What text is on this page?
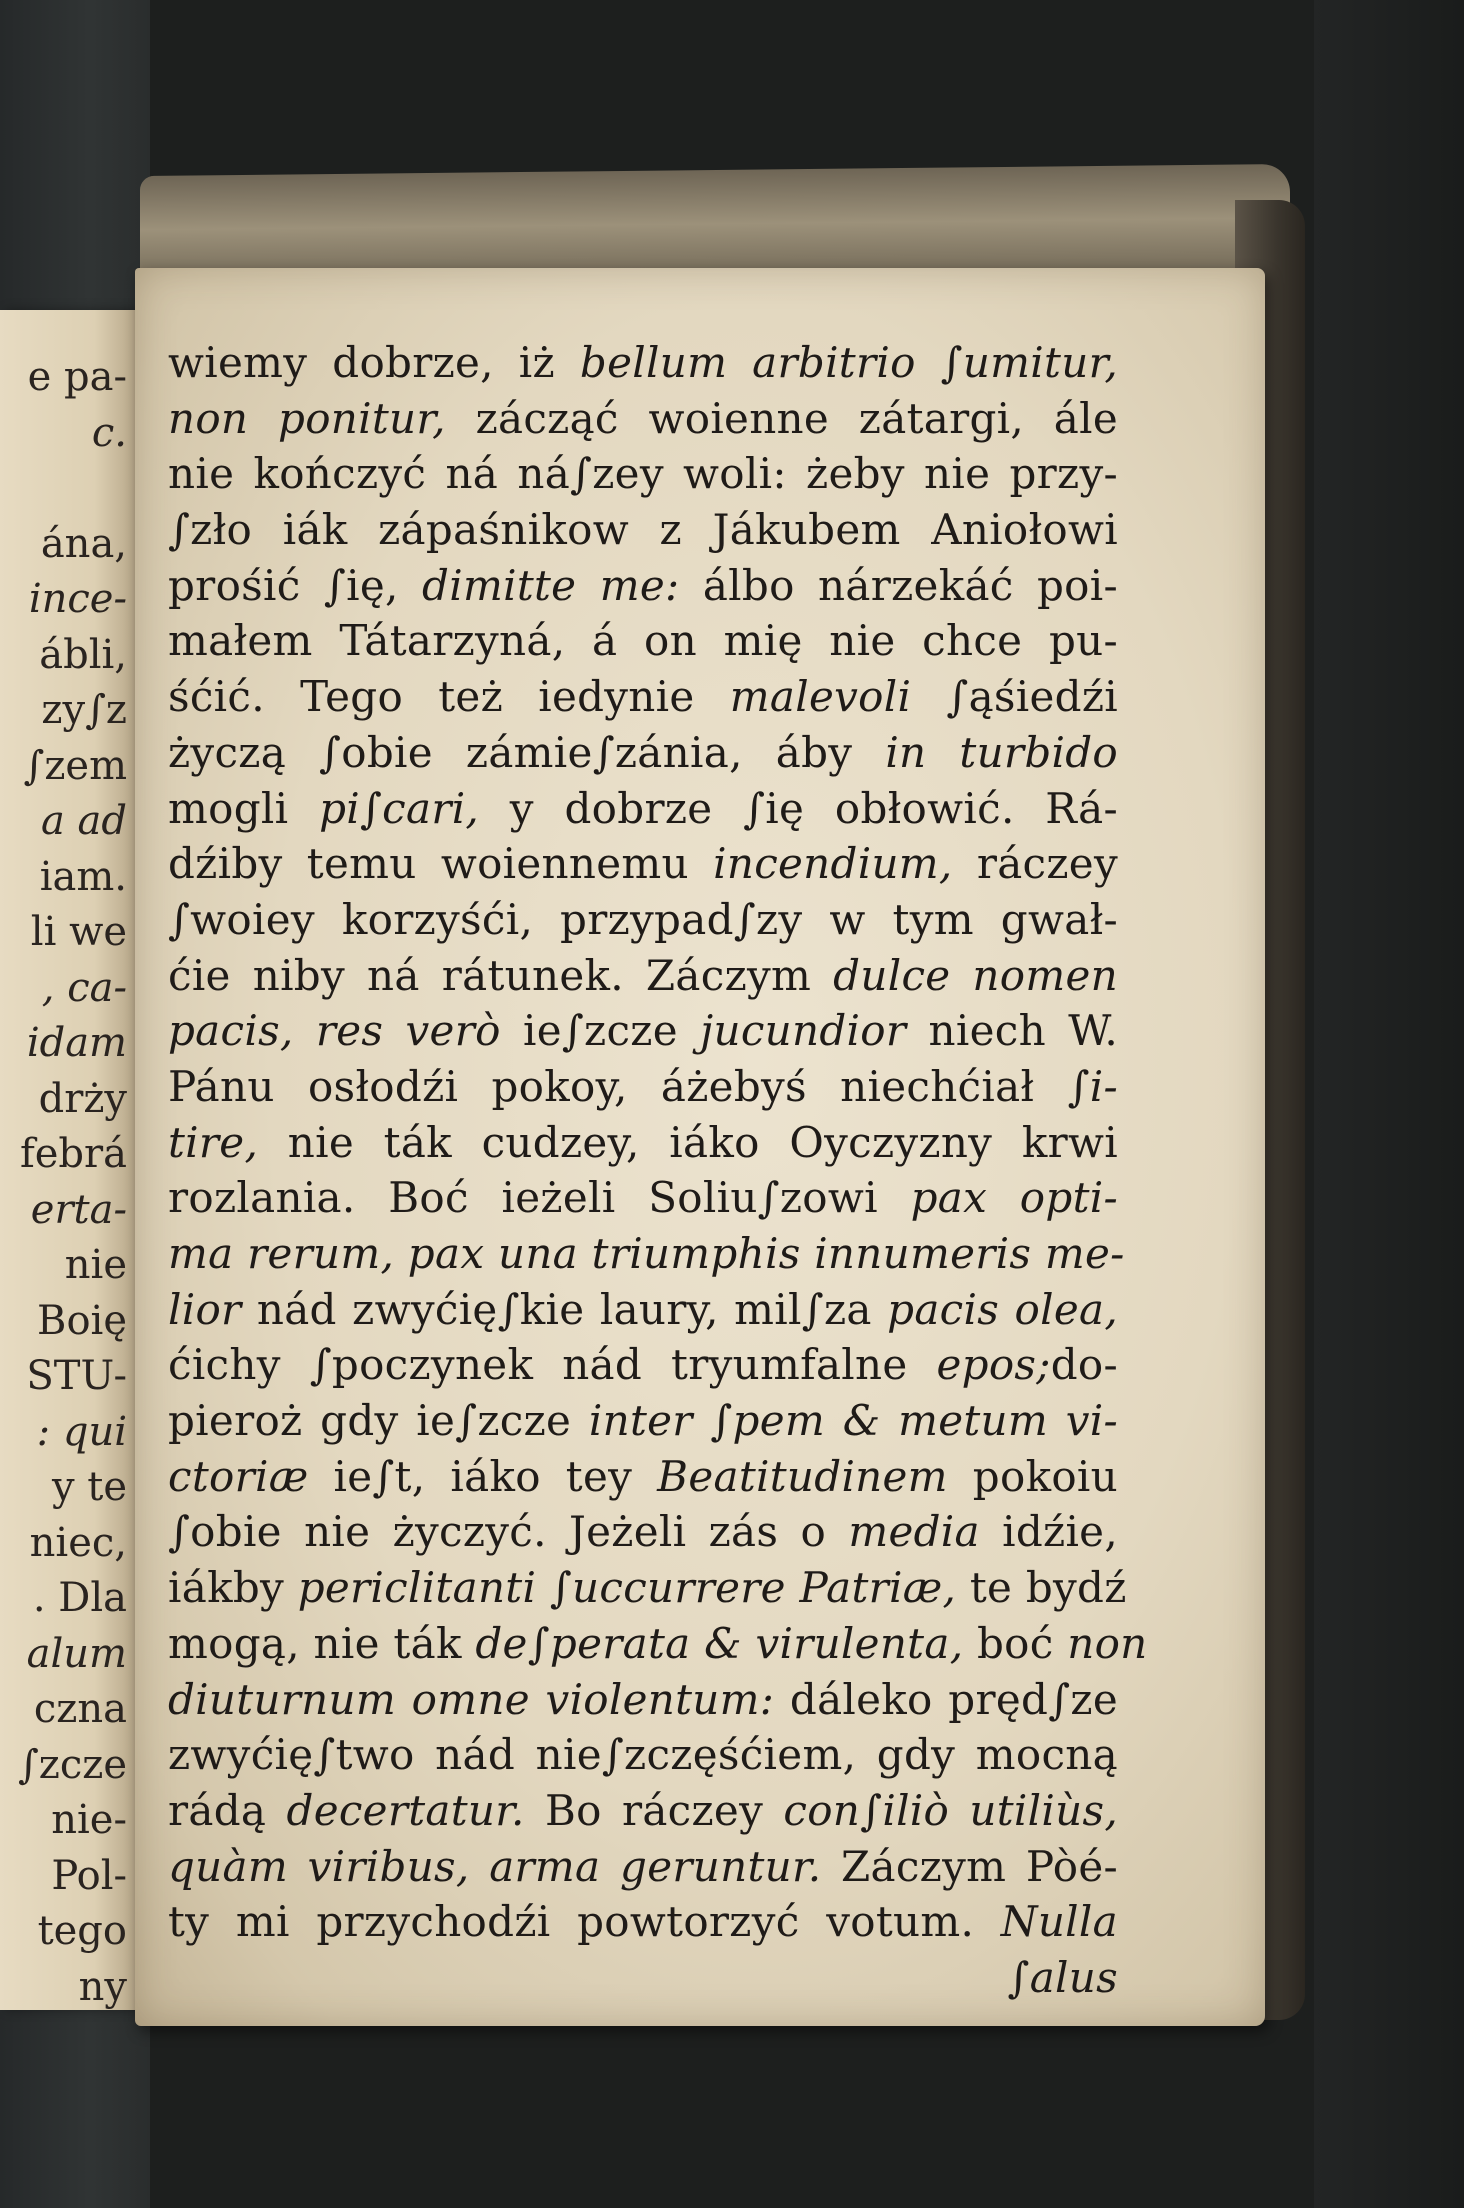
e pa-
c.
ána,
ince-
ábli,
zy∫z
∫zem
a ad
iam.
li we
, ca-
idam
drży
febrá
erta-
nie
Boię
STU-
: qui
y te
niec,
. Dla
alum
czna
∫zcze
nie-
Pol-
tego
ny
wiemy dobrze, iż bellum arbitrio ∫umitur,
non ponitur, zácząć woienne zátargi, ále
nie kończyć ná ná∫zey woli: żeby nie przy-
∫zło iák zápaśnikow z Jákubem Aniołowi
prośić ∫ię, dimitte me: álbo nárzekáć poi-
małem Tátarzyná, á on mię nie chce pu-
śćić. Tego też iedynie malevoli ∫ąśiedźi
życzą ∫obie zámie∫zánia, áby in turbido
mogli pi∫cari, y dobrze ∫ię obłowić. Rá-
dźiby temu woiennemu incendium, ráczey
∫woiey korzyśći, przypad∫zy w tym gwał-
ćie niby ná rátunek. Záczym dulce nomen
pacis, res verò ie∫zcze jucundior niech W.
Pánu osłodźi pokoy, áżebyś niechćiał ∫i-
tire, nie ták cudzey, iáko Oyczyzny krwi
rozlania. Boć ieżeli Soliu∫zowi pax opti-
ma rerum, pax una triumphis innumeris me-
lior nád zwyćię∫kie laury, mil∫za pacis olea,
ćichy ∫poczynek nád tryumfalne epos;do-
pieroż gdy ie∫zcze inter ∫pem & metum vi-
ctoriæ ie∫t, iáko tey Beatitudinem pokoiu
∫obie nie życzyć. Jeżeli zás o media idźie,
iákby periclitanti ∫uccurrere Patriæ, te bydź
mogą, nie ták de∫perata & virulenta, boć non
diuturnum omne violentum: dáleko pręd∫ze
zwyćię∫two nád nie∫zczęśćiem, gdy mocną
rádą decertatur. Bo ráczey con∫iliò utiliùs,
quàm viribus, arma geruntur. Záczym Pòé-
ty mi przychodźi powtorzyć votum. Nulla
∫alus
